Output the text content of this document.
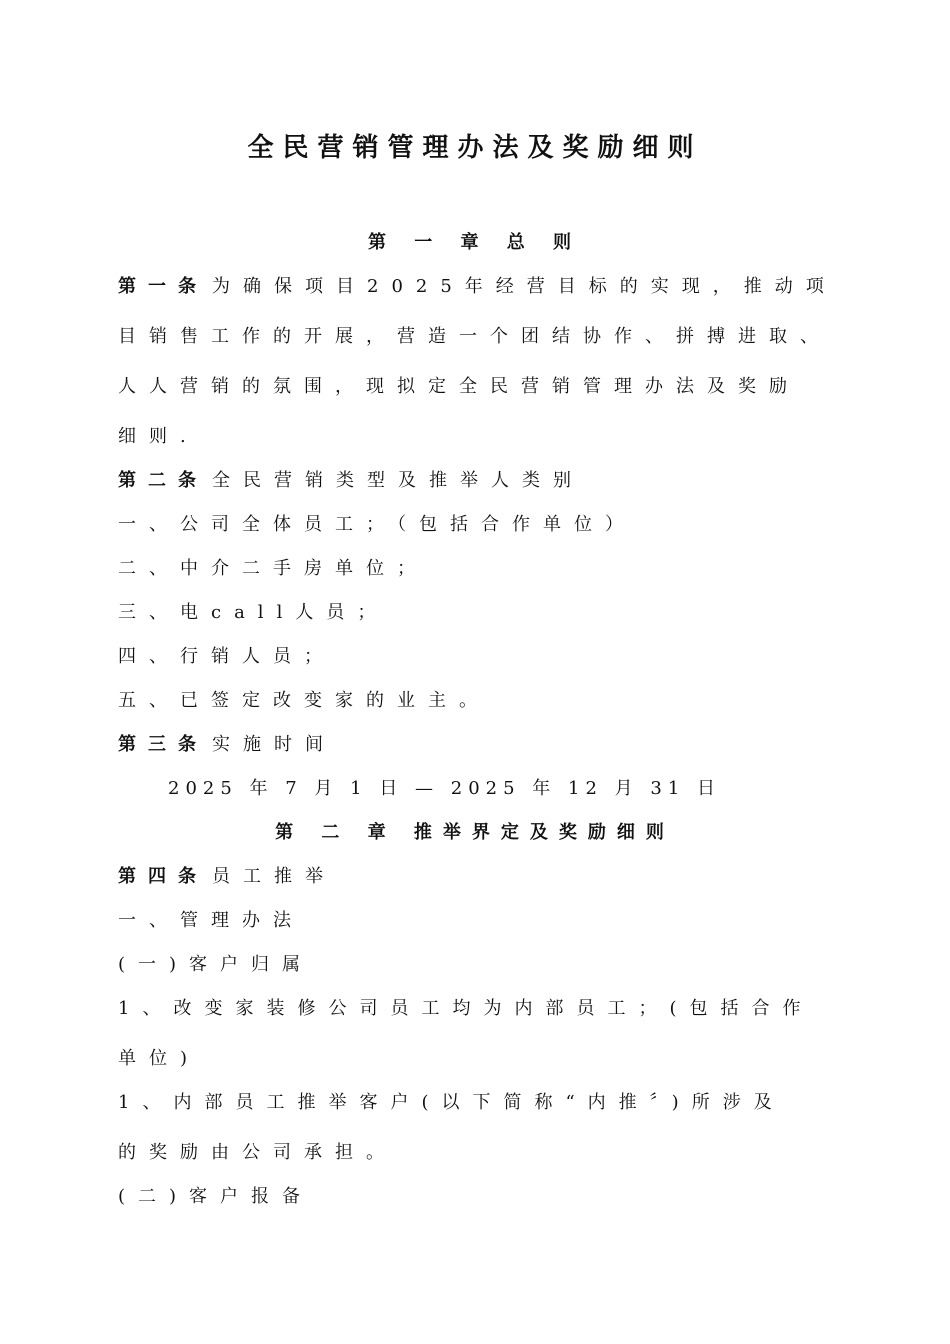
全民营销管理办法及奖励细则
第 一 章 总 则
第一条 为确保项目2025年经营目标的实现，推动项
目销售工作的开展，营造一个团结协作、拼搏进取、
人人营销的氛围，现拟定全民营销管理办法及奖励
细则.
第二条 全民营销类型及推举人类别
一、公司全体员工；（包括合作单位）
二、中介二手房单位；
三、电call人员；
四、行销人员；
五、已签定改变家的业主。
第三条 实施时间
2025 年 7 月 1 日 — 2025 年 12 月 31 日
第 二 章 推举界定及奖励细则
第四条 员工推举
一、管理办法
(一)客户归属
1、改变家装修公司员工均为内部员工；(包括合作
单位)
1、内部员工推举客户(以下简称“内推〞)所涉及
的奖励由公司承担。
(二)客户报备
